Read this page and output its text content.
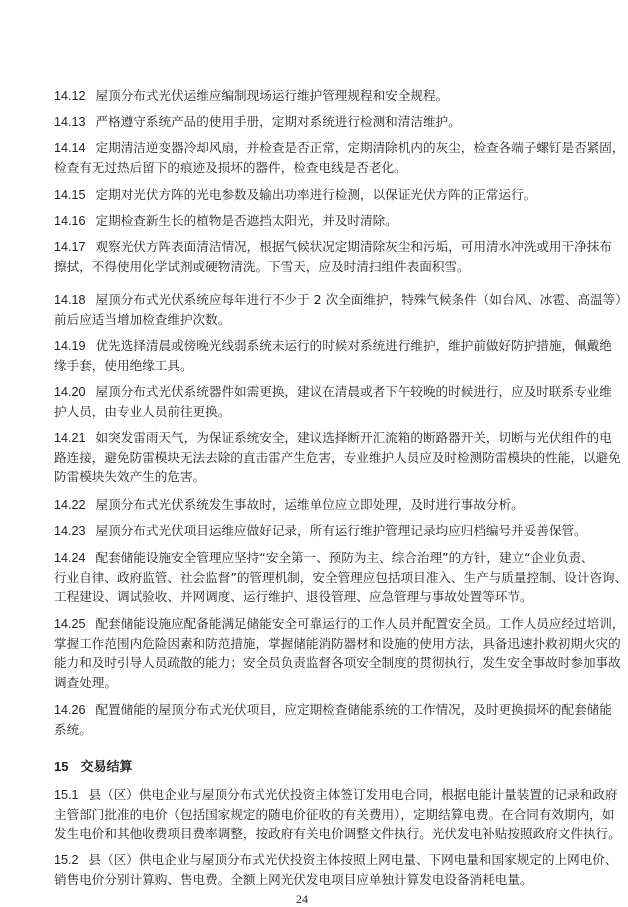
14.12 屋顶分布式光伏运维应编制现场运行维护管理规程和安全规程。
14.13 严格遵守系统产品的使用手册，定期对系统进行检测和清洁维护。
14.14 定期清洁逆变器冷却风扇，并检查是否正常，定期清除机内的灰尘，检查各端子螺钉是否紧固，
检查有无过热后留下的痕迹及损坏的器件，检查电线是否老化。
14.15 定期对光伏方阵的光电参数及输出功率进行检测，以保证光伏方阵的正常运行。
14.16 定期检查新生长的植物是否遮挡太阳光，并及时清除。
14.17 观察光伏方阵表面清洁情况，根据气候状况定期清除灰尘和污垢，可用清水冲洗或用干净抹布
擦拭，不得使用化学试剂或硬物清洗。下雪天，应及时清扫组件表面积雪。
14.18 屋顶分布式光伏系统应每年进行不少于 2 次全面维护，特殊气候条件（如台风、冰雹、高温等）
前后应适当增加检查维护次数。
14.19 优先选择清晨或傍晚光线弱系统未运行的时候对系统进行维护，维护前做好防护措施，佩戴绝
缘手套，使用绝缘工具。
14.20 屋顶分布式光伏系统器件如需更换，建议在清晨或者下午较晚的时候进行，应及时联系专业维
护人员，由专业人员前往更换。
14.21 如突发雷雨天气，为保证系统安全，建议选择断开汇流箱的断路器开关，切断与光伏组件的电
路连接，避免防雷模块无法去除的直击雷产生危害，专业维护人员应及时检测防雷模块的性能，以避免
防雷模块失效产生的危害。
14.22 屋顶分布式光伏系统发生事故时，运维单位应立即处理，及时进行事故分析。
14.23 屋顶分布式光伏项目运维应做好记录，所有运行维护管理记录均应归档编号并妥善保管。
14.24 配套储能设施安全管理应坚持“安全第一、预防为主、综合治理”的方针，建立“企业负责、
行业自律、政府监管、社会监督”的管理机制，安全管理应包括项目准入、生产与质量控制、设计咨询、
工程建设、调试验收、并网调度、运行维护、退役管理、应急管理与事故处置等环节。
14.25 配套储能设施应配备能满足储能安全可靠运行的工作人员并配置安全员。工作人员应经过培训，
掌握工作范围内危险因素和防范措施，掌握储能消防器材和设施的使用方法，具备迅速扑救初期火灾的
能力和及时引导人员疏散的能力；安全员负责监督各项安全制度的贯彻执行，发生安全事故时参加事故
调查处理。
14.26 配置储能的屋顶分布式光伏项目，应定期检查储能系统的工作情况，及时更换损坏的配套储能
系统。
15.1 县（区）供电企业与屋顶分布式光伏投资主体签订发用电合同，根据电能计量装置的记录和政府
主管部门批准的电价（包括国家规定的随电价征收的有关费用），定期结算电费。在合同有效期内，如
发生电价和其他收费项目费率调整，按政府有关电价调整文件执行。光伏发电补贴按照政府文件执行。
15.2 县（区）供电企业与屋顶分布式光伏投资主体按照上网电量、下网电量和国家规定的上网电价、
销售电价分别计算购、售电费。全额上网光伏发电项目应单独计算发电设备消耗电量。
15 交易结算
24
